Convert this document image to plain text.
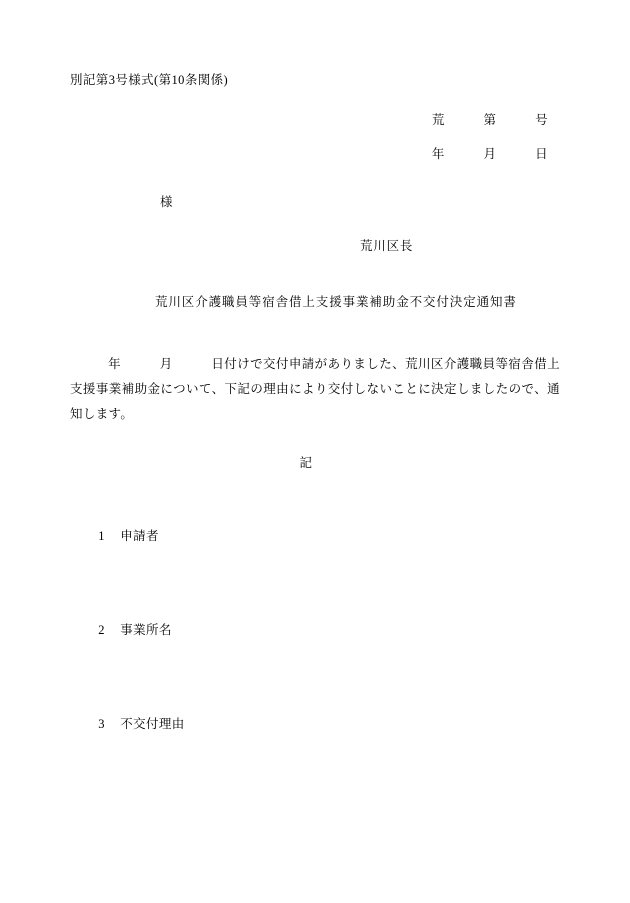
別記第3号様式(第10条関係)
荒　　　第　　　号
年　　　月　　　日
様
荒川区長
荒川区介護職員等宿舎借上支援事業補助金不交付決定通知書
年　　　月　　　日付けで交付申請がありました、荒川区介護職員等宿舎借上支援事業補助金について、下記の理由により交付しないことに決定しましたので、通知します。
記

1 申請者

2 事業所名

3 不交付理由
